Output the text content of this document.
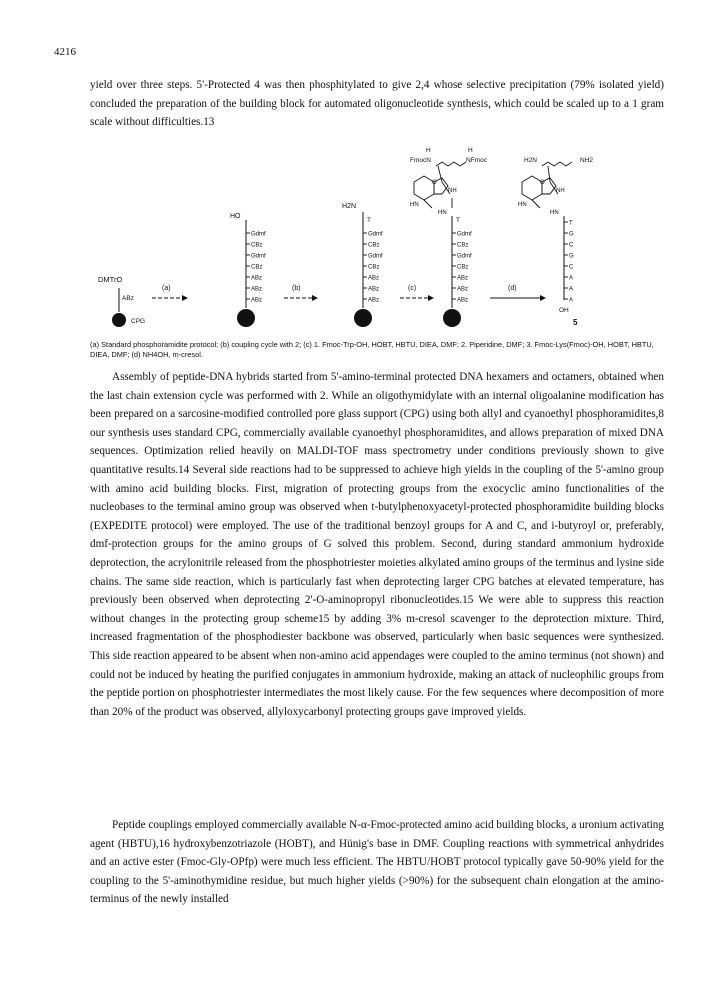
4216

yield over three steps. 5'-Protected 4 was then phosphitylated to give 2,4 whose selective precipitation (79% isolated yield) concluded the preparation of the building block for automated oligonucleotide synthesis, which could be scaled up to a 1 gram scale without difficulties.13

DMTrO
ABz
CPG
(a)
HO
Gdmf
CBz
Gdmf
CBz
ABz
ABz
ABz
(b)
H2N
T
Gdmf
CBz
Gdmf
CBz
ABz
ABz
ABz
(c)
H	H
FmocN	NFmoc
O
NH
HN
HN
T
Gdmf
CBz
Gdmf
CBz
ABz
ABz
ABz
(d)
H2N	NH2
O
NH
HN
HN
OH
5
T
G
C
G
C
A
A
A

(a) Standard phosphoramidite protocol; (b) coupling cycle with 2; (c) 1. Fmoc-Trp-OH, HOBT, HBTU, DIEA, DMF; 2. Piperidine, DMF; 3. Fmoc-Lys(Fmoc)-OH, HOBT, HBTU, DIEA, DMF; (d) NH4OH, m-cresol.

Assembly of peptide-DNA hybrids started from 5'-amino-terminal protected DNA hexamers and octamers, obtained when the last chain extension cycle was performed with 2. While an oligothymidylate with an internal oligoalanine modification has been prepared on a sarcosine-modified controlled pore glass support (CPG) using both allyl and cyanoethyl phosphoramidites,8 our synthesis uses standard CPG, commercially available cyanoethyl phosphoramidites, and allows preparation of mixed DNA sequences. Optimization relied heavily on MALDI-TOF mass spectrometry under conditions previously shown to give quantitative results.14 Several side reactions had to be suppressed to achieve high yields in the coupling of the 5'-amino group with amino acid building blocks. First, migration of protecting groups from the exocyclic amino functionalities of the nucleobases to the terminal amino group was observed when t-butylphenoxyacetyl-protected phosphoramidite building blocks (EXPEDITE protocol) were employed. The use of the traditional benzoyl groups for A and C, and i-butyroyl or, preferably, dmf-protection groups for the amino groups of G solved this problem. Second, during standard ammonium hydroxide deprotection, the acrylonitrile released from the phosphotriester moieties alkylated amino groups of the terminus and lysine side chains. The same side reaction, which is particularly fast when deprotecting larger CPG batches at elevated temperature, has previously been observed when deprotecting 2'-O-aminopropyl ribonucleotides.15 We were able to suppress this reaction without changes in the protecting group scheme15 by adding 3% m-cresol scavenger to the deprotection mixture. Third, increased fragmentation of the phosphodiester backbone was observed, particularly when basic sequences were synthesized. This side reaction appeared to be absent when non-amino acid appendages were coupled to the amino terminus (not shown) and could not be induced by heating the purified conjugates in ammonium hydroxide, making an attack of nucleophilic groups from the peptide portion on phosphotriester intermediates the most likely cause. For the few sequences where decomposition of more than 20% of the product was observed, allyloxycarbonyl protecting groups gave improved yields.

Peptide couplings employed commercially available N-α-Fmoc-protected amino acid building blocks, a uronium activating agent (HBTU),16 hydroxybenzotriazole (HOBT), and Hünig's base in DMF. Coupling reactions with symmetrical anhydrides and an active ester (Fmoc-Gly-OPfp) were much less efficient. The HBTU/HOBT protocol typically gave 50-90% yield for the coupling to the 5'-aminothymidine residue, but much higher yields (>90%) for the subsequent chain elongation at the amino-terminus of the newly installed
